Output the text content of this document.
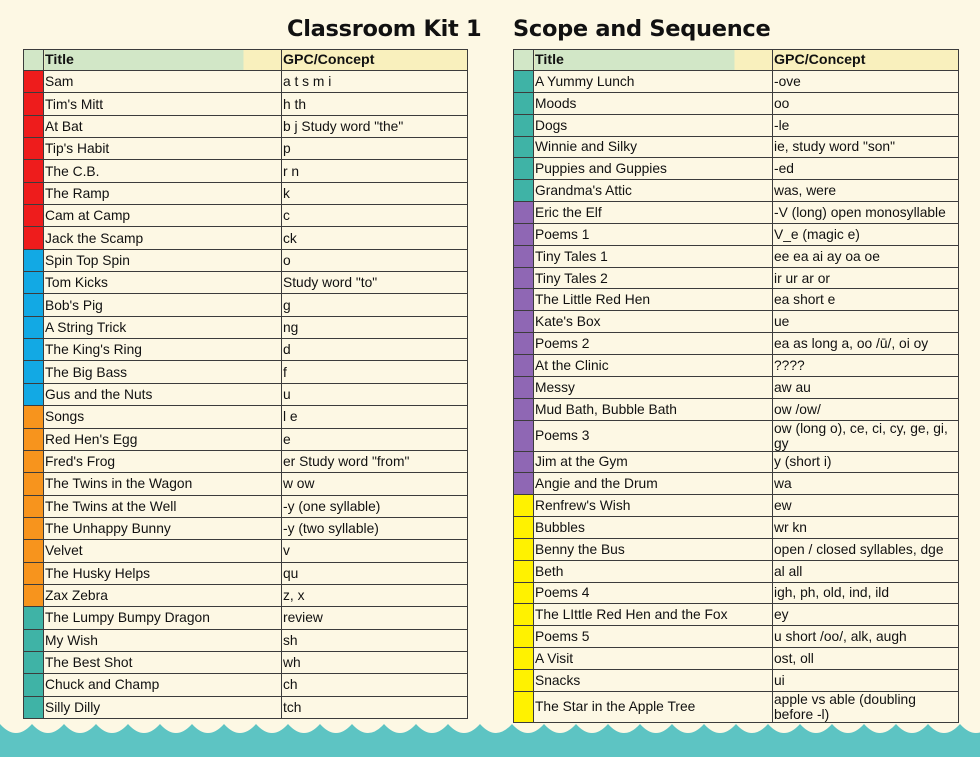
Classroom Kit 1 Scope and Sequence
	Title	GPC/Concept
	Sam	a t s m i
	Tim's Mitt	h th
	At Bat	b j Study word "the"
	Tip's Habit	p
	The C.B.	r n
	The Ramp	k
	Cam at Camp	c
	Jack the Scamp	ck
	Spin Top Spin	o
	Tom Kicks	Study word "to"
	Bob's Pig	g
	A String Trick	ng
	The King's Ring	d
	The Big Bass	f
	Gus and the Nuts	u
	Songs	l e
	Red Hen's Egg	e
	Fred's Frog	er Study word "from"
	The Twins in the Wagon	w ow
	The Twins at the Well	-y (one syllable)
	The Unhappy Bunny	-y (two syllable)
	Velvet	v
	The Husky Helps	qu
	Zax Zebra	z, x
	The Lumpy Bumpy Dragon	review
	My Wish	sh
	The Best Shot	wh
	Chuck and Champ	ch
	Silly Dilly	tch
	Title	GPC/Concept
	A Yummy Lunch	-ove
	Moods	oo
	Dogs	-le
	Winnie and Silky	ie, study word "son"
	Puppies and Guppies	-ed
	Grandma's Attic	was, were
	Eric the Elf	-V (long) open monosyllable
	Poems 1	V_e (magic e)
	Tiny Tales 1	ee ea ai ay oa oe
	Tiny Tales 2	ir ur ar or
	The Little Red Hen	ea short e
	Kate's Box	ue
	Poems 2	ea as long a, oo /ū/, oi oy
	At the Clinic	????
	Messy	aw au
	Mud Bath, Bubble Bath	ow /ow/
	Poems 3	ow (long o), ce, ci, cy, ge, gi, gy
	Jim at the Gym	y (short i)
	Angie and the Drum	wa
	Renfrew's Wish	ew
	Bubbles	wr kn
	Benny the Bus	open / closed syllables, dge
	Beth	al all
	Poems 4	igh, ph, old, ind, ild
	The LIttle Red Hen and the Fox	ey
	Poems 5	u short /oo/, alk, augh
	A Visit	ost, oll
	Snacks	ui
	The Star in the Apple Tree	apple vs able (doubling before -l)
